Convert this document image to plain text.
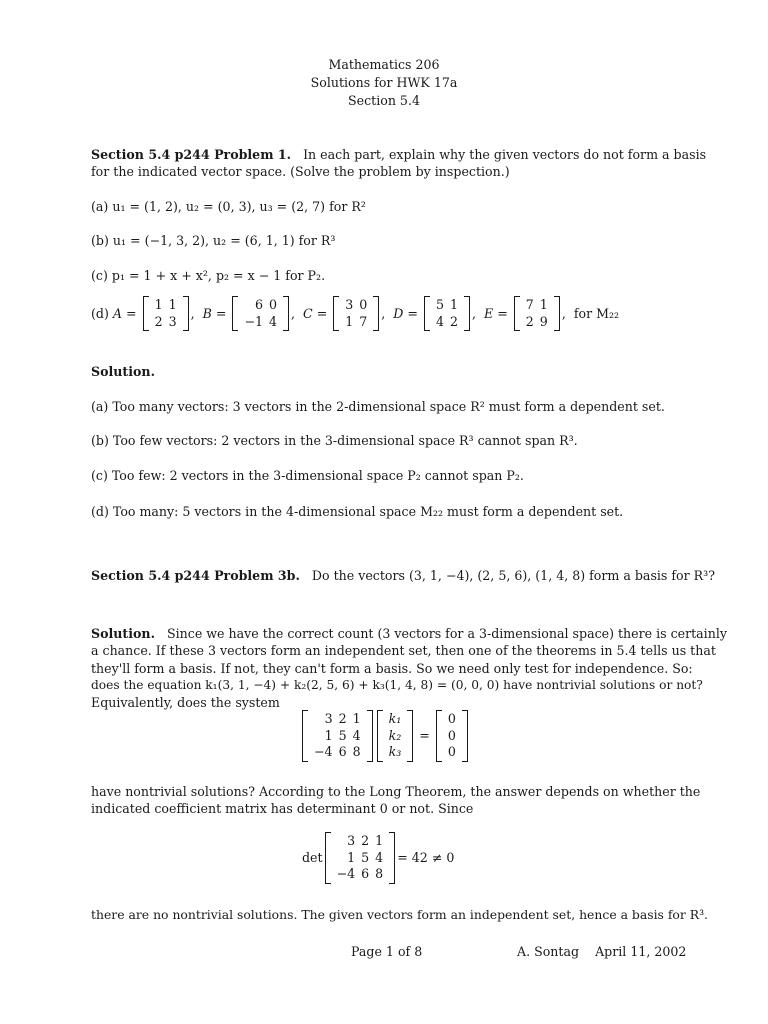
Mathematics 206
Solutions for HWK 17a
Section 5.4
Section 5.4 p244 Problem 1. In each part, explain why the given vectors do not form a basis
for the indicated vector space. (Solve the problem by inspection.)
(a) u₁ = (1, 2), u₂ = (0, 3), u₃ = (2, 7) for R²
(b) u₁ = (−1, 3, 2), u₂ = (6, 1, 1) for R³
(c) p₁ = 1 + x + x², p₂ = x − 1 for P₂.
(d) A =
1 1
2 3
, B =
6 0
−1 4
, C =
3 0
1 7
, D =
5 1
4 2
, E =
7 1
2 9
, for M₂₂
Solution.
(a) Too many vectors: 3 vectors in the 2-dimensional space R² must form a dependent set.
(b) Too few vectors: 2 vectors in the 3-dimensional space R³ cannot span R³.
(c) Too few: 2 vectors in the 3-dimensional space P₂ cannot span P₂.
(d) Too many: 5 vectors in the 4-dimensional space M₂₂ must form a dependent set.
Section 5.4 p244 Problem 3b. Do the vectors (3, 1, −4), (2, 5, 6), (1, 4, 8) form a basis for R³?
Solution. Since we have the correct count (3 vectors for a 3-dimensional space) there is certainly
a chance. If these 3 vectors form an independent set, then one of the theorems in 5.4 tells us that
they'll form a basis. If not, they can't form a basis. So we need only test for independence. So:
does the equation k₁(3, 1, −4) + k₂(2, 5, 6) + k₃(1, 4, 8) = (0, 0, 0) have nontrivial solutions or not?
Equivalently, does the system
3 2 1
1 5 4
−4 6 8
k₁
k₂
k₃
=
0
0
0
have nontrivial solutions? According to the Long Theorem, the answer depends on whether the
indicated coefficient matrix has determinant 0 or not. Since
det
3 2 1
1 5 4
−4 6 8
= 42 ≠ 0
there are no nontrivial solutions. The given vectors form an independent set, hence a basis for R³.
Page 1 of 8	A. Sontag April 11, 2002
